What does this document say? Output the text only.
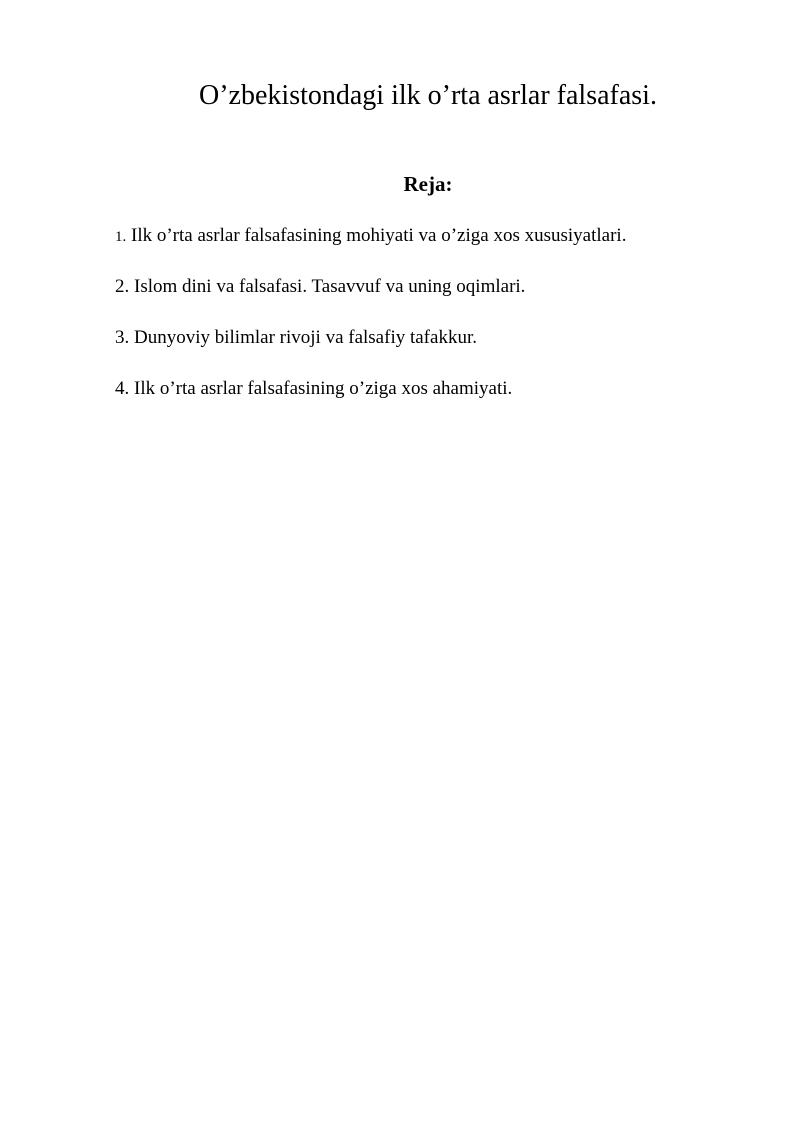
O’zbekistondagi ilk o’rta asrlar falsafasi.
Reja:
1. Ilk o’rta asrlar falsafasining mohiyati va o’ziga xos xususiyatlari.
2. Islom dini va falsafasi. Tasavvuf va uning oqimlari.
3. Dunyoviy bilimlar rivoji va falsafiy tafakkur.
4. Ilk o’rta asrlar falsafasining o’ziga xos ahamiyati.
